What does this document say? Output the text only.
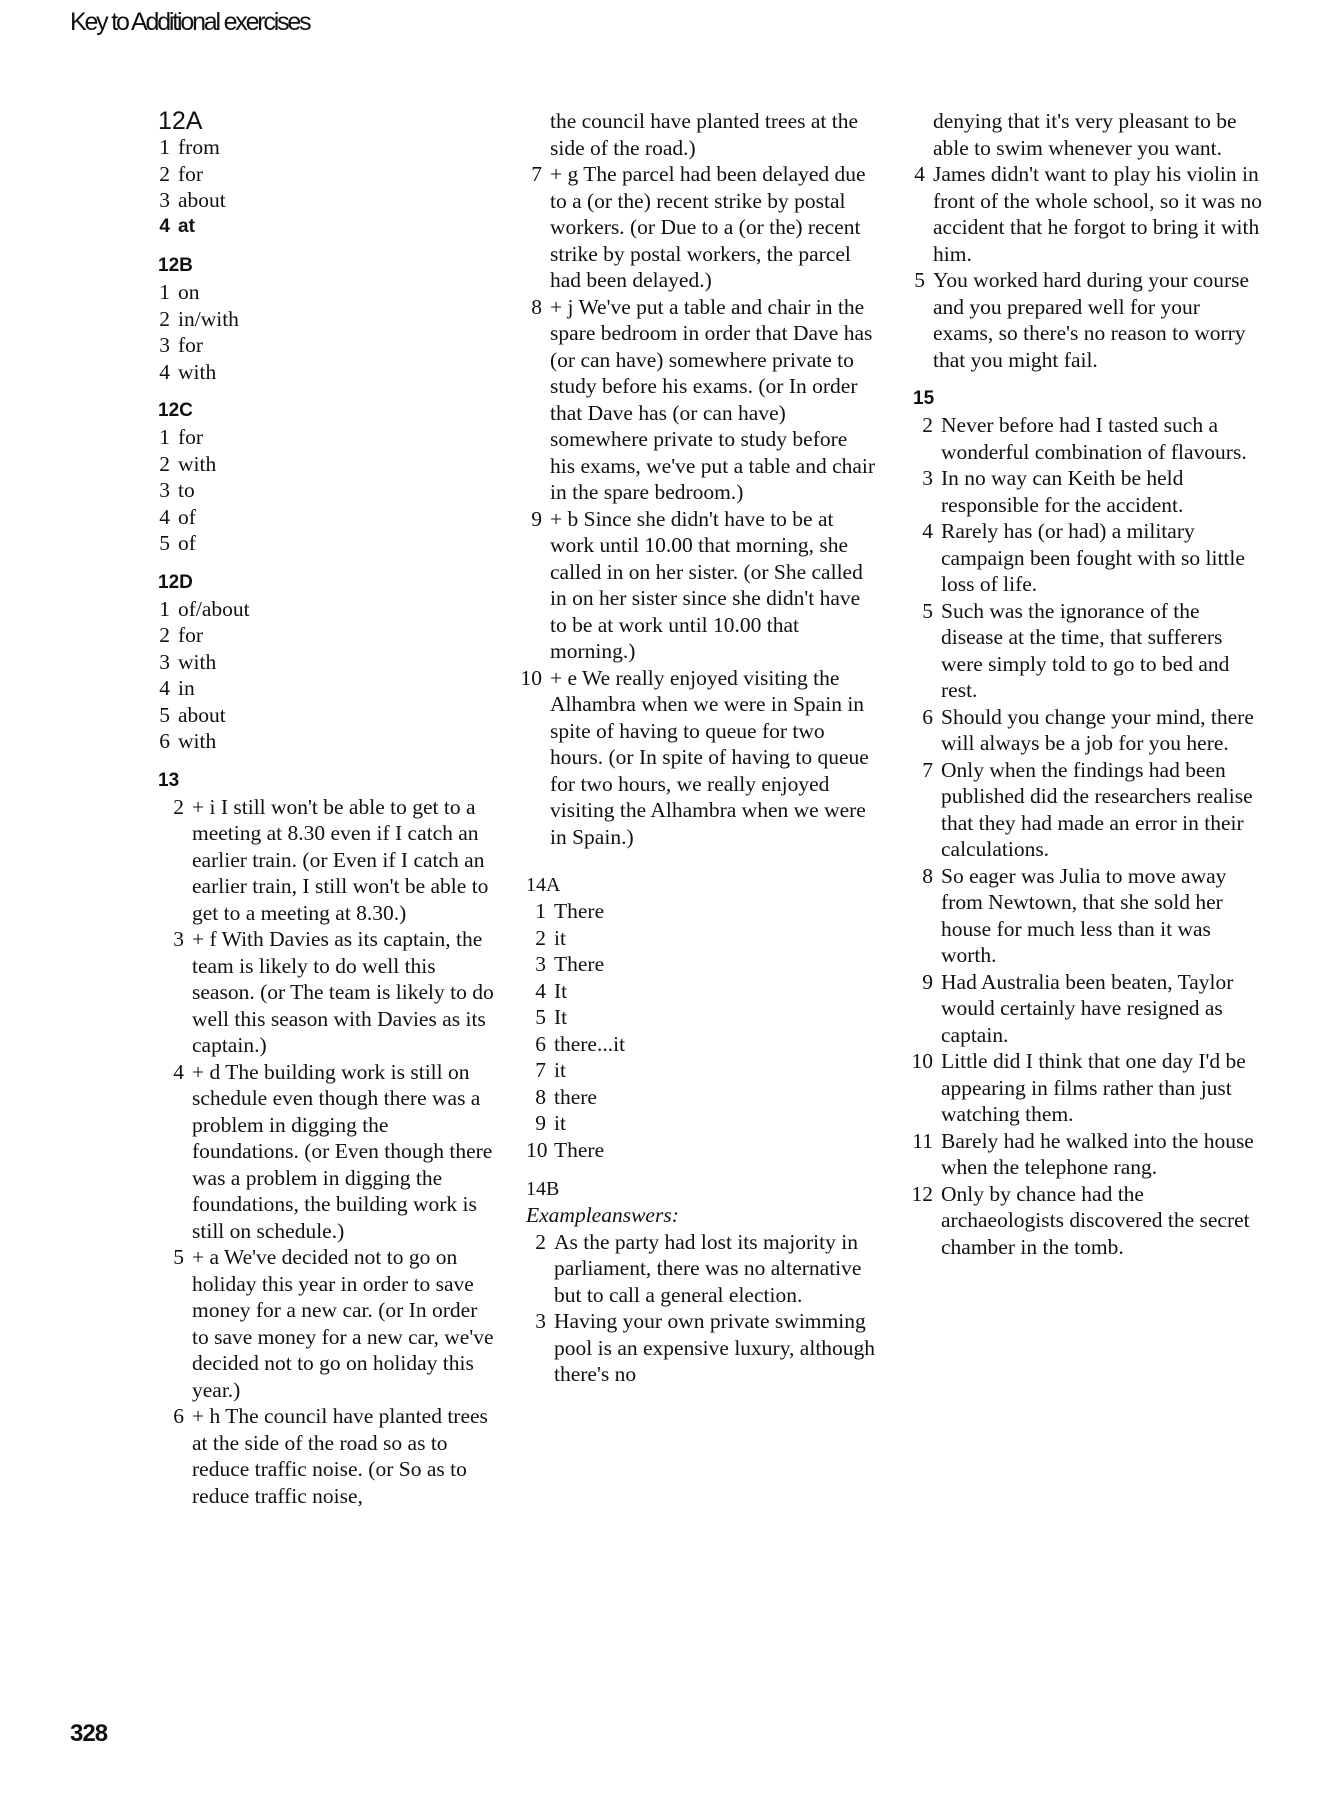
Key to Additional exercises
12A
1 from
2 for
3 about
4 at
12B
1 on
2 in/with
3 for
4 with
12C
1 for
2 with
3 to
4 of
5 of
12D
1 of/about
2 for
3 with
4 in
5 about
6 with
13
2 + i I still won't be able to get to a meeting at 8.30 even if I catch an earlier train. (or Even if I catch an earlier train, I still won't be able to get to a meeting at 8.30.)
3 + f With Davies as its captain, the team is likely to do well this season. (or The team is likely to do well this season with Davies as its captain.)
4 + d The building work is still on schedule even though there was a problem in digging the foundations. (or Even though there was a problem in digging the foundations, the building work is still on schedule.)
5 + a We've decided not to go on holiday this year in order to save money for a new car. (or In order to save money for a new car, we've decided not to go on holiday this year.)
6 + h The council have planted trees at the side of the road so as to reduce traffic noise. (or So as to reduce traffic noise,
the council have planted trees at the side of the road.)
7 + g The parcel had been delayed due to a (or the) recent strike by postal workers. (or Due to a (or the) recent strike by postal workers, the parcel had been delayed.)
8 + j We've put a table and chair in the spare bedroom in order that Dave has (or can have) somewhere private to study before his exams. (or In order that Dave has (or can have) somewhere private to study before his exams, we've put a table and chair in the spare bedroom.)
9 + b Since she didn't have to be at work until 10.00 that morning, she called in on her sister. (or She called in on her sister since she didn't have to be at work until 10.00 that morning.)
10 + e We really enjoyed visiting the Alhambra when we were in Spain in spite of having to queue for two hours. (or In spite of having to queue for two hours, we really enjoyed visiting the Alhambra when we were in Spain.)
14A
1 There
2 it
3 There
4 It
5 It
6 there...it
7 it
8 there
9 it
10 There
14B
Exampleanswers:
2 As the party had lost its majority in parliament, there was no alternative but to call a general election.
3 Having your own private swimming pool is an expensive luxury, although there's no
denying that it's very pleasant to be able to swim whenever you want.
4 James didn't want to play his violin in front of the whole school, so it was no accident that he forgot to bring it with him.
5 You worked hard during your course and you prepared well for your exams, so there's no reason to worry that you might fail.
15
2 Never before had I tasted such a wonderful combination of flavours.
3 In no way can Keith be held responsible for the accident.
4 Rarely has (or had) a military campaign been fought with so little loss of life.
5 Such was the ignorance of the disease at the time, that sufferers were simply told to go to bed and rest.
6 Should you change your mind, there will always be a job for you here.
7 Only when the findings had been published did the researchers realise that they had made an error in their calculations.
8 So eager was Julia to move away from Newtown, that she sold her house for much less than it was worth.
9 Had Australia been beaten, Taylor would certainly have resigned as captain.
10 Little did I think that one day I'd be appearing in films rather than just watching them.
11 Barely had he walked into the house when the telephone rang.
12 Only by chance had the archaeologists discovered the secret chamber in the tomb.
328
